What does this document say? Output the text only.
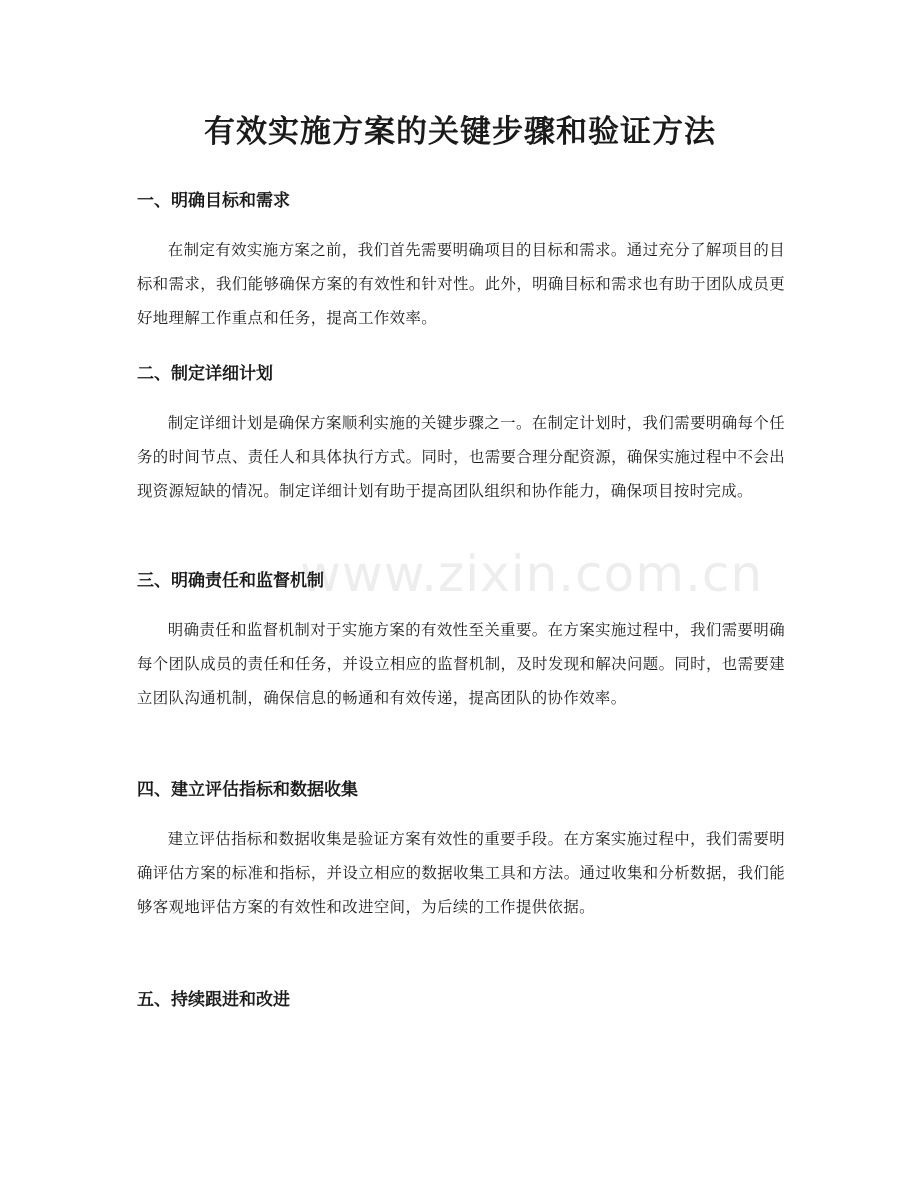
有效实施方案的关键步骤和验证方法
www.zixin.com.cn
一、明确目标和需求

在制定有效实施方案之前，我们首先需要明确项目的目标和需求。通过充分了解项目的目标和需求，我们能够确保方案的有效性和针对性。此外，明确目标和需求也有助于团队成员更好地理解工作重点和任务，提高工作效率。

二、制定详细计划

制定详细计划是确保方案顺利实施的关键步骤之一。在制定计划时，我们需要明确每个任务的时间节点、责任人和具体执行方式。同时，也需要合理分配资源，确保实施过程中不会出现资源短缺的情况。制定详细计划有助于提高团队组织和协作能力，确保项目按时完成。

三、明确责任和监督机制

明确责任和监督机制对于实施方案的有效性至关重要。在方案实施过程中，我们需要明确每个团队成员的责任和任务，并设立相应的监督机制，及时发现和解决问题。同时，也需要建立团队沟通机制，确保信息的畅通和有效传递，提高团队的协作效率。

四、建立评估指标和数据收集

建立评估指标和数据收集是验证方案有效性的重要手段。在方案实施过程中，我们需要明确评估方案的标准和指标，并设立相应的数据收集工具和方法。通过收集和分析数据，我们能够客观地评估方案的有效性和改进空间，为后续的工作提供依据。

五、持续跟进和改进
